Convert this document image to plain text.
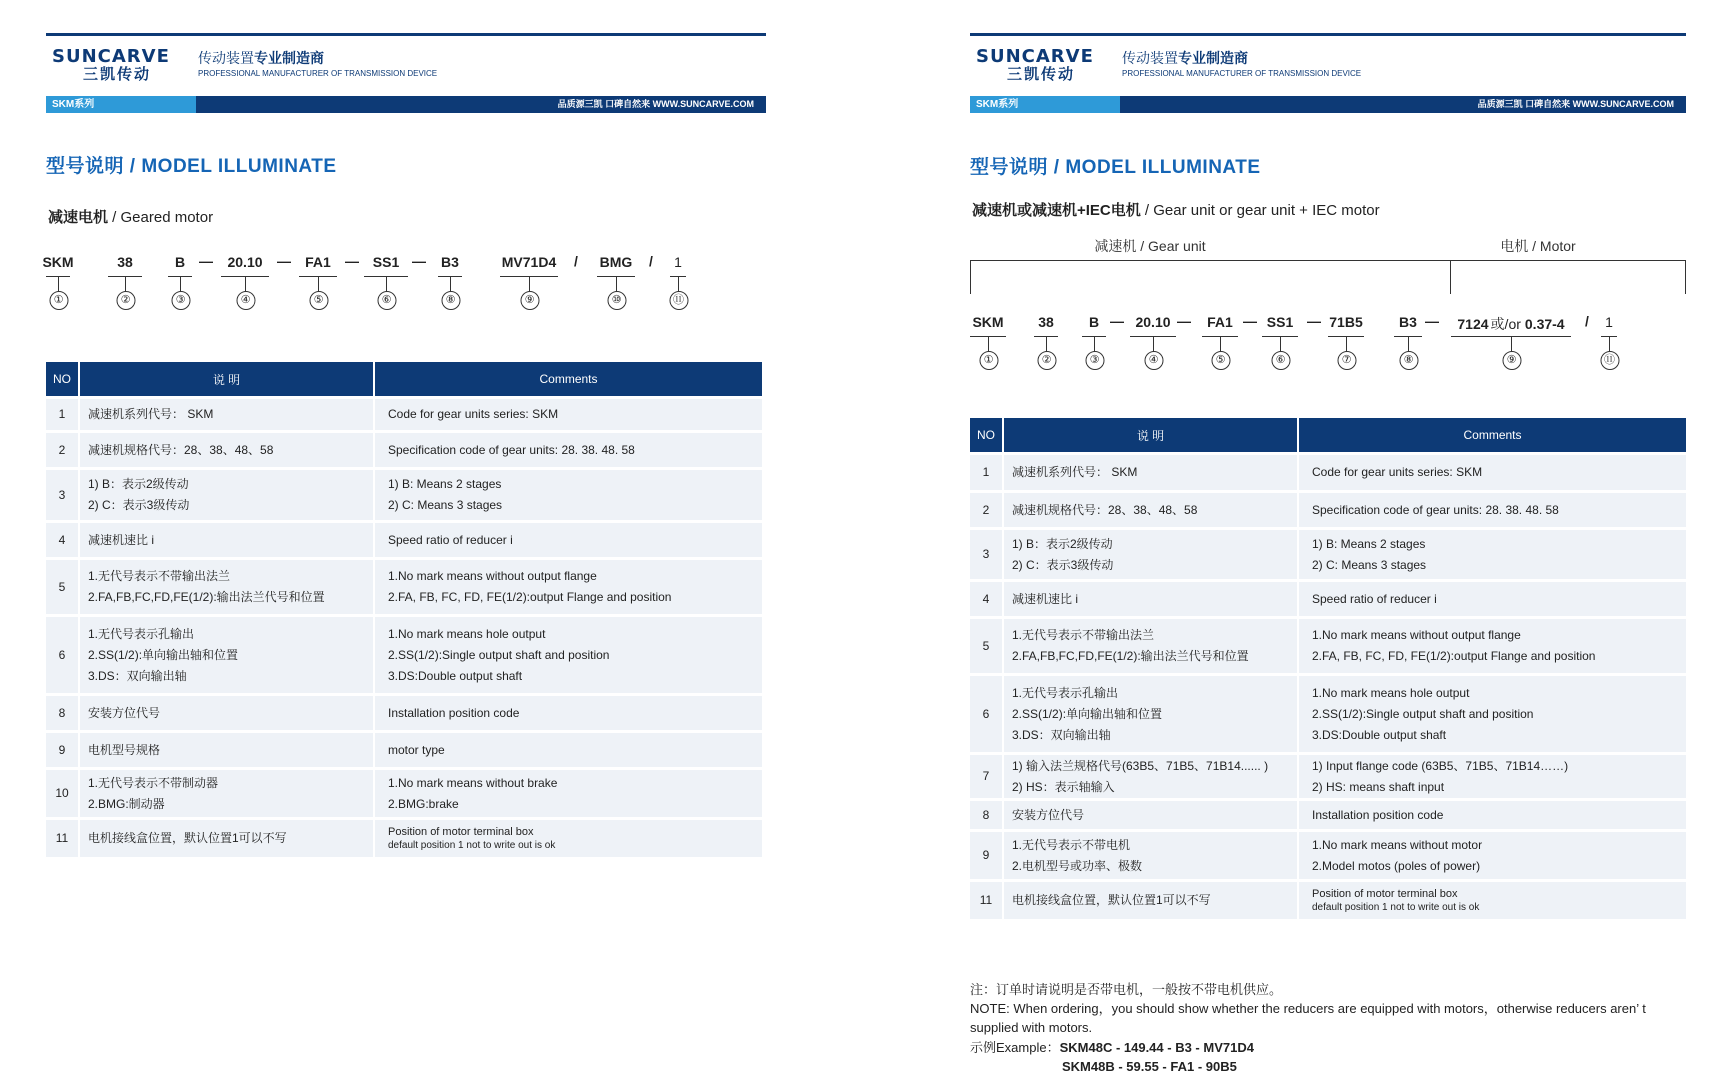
SUNCARVE
三凯传动
传动装置专业制造商
PROFESSIONAL MANUFACTURER OF TRANSMISSION DEVICE
SKM系列	品质源三凯 口碑自然来 WWW.SUNCARVE.COM
型号说明 / MODEL ILLUMINATE
减速电机 / Geared motor
SKM
①
38
②
B
③
20.10
④
FA1
⑤
SS1
⑥
B3
⑧
MV71D4
⑨
BMG
⑩
1
⑪
—	—	—	—	/	/
NO	说 明	Comments
1	减速机系列代号： SKM	Code for gear units series: SKM

2	减速机规格代号：28、38、48、58	Specification code of gear units: 28. 38. 48. 58

3	1) B：表示2级传动
2) C：表示3级传动	1) B: Means 2 stages
2) C: Means 3 stages

4	减速机速比 i	Speed ratio of reducer i

5	1.无代号表示不带输出法兰
2.FA,FB,FC,FD,FE(1/2):输出法兰代号和位置	1.No mark means without output flange
2.FA, FB, FC, FD, FE(1/2):output Flange and position

6	1.无代号表示孔输出
2.SS(1/2):单向输出轴和位置
3.DS：双向输出轴	1.No mark means hole output
2.SS(1/2):Single output shaft and position
3.DS:Double output shaft

8	安装方位代号	Installation position code

9	电机型号规格	motor type

10	1.无代号表示不带制动器
2.BMG:制动器	1.No mark means without brake
2.BMG:brake

11	电机接线盒位置，默认位置1可以不写	Position of motor terminal box
default position 1 not to write out is ok
SUNCARVE
三凯传动
传动装置专业制造商
PROFESSIONAL MANUFACTURER OF TRANSMISSION DEVICE
SKM系列	品质源三凯 口碑自然来 WWW.SUNCARVE.COM
型号说明 / MODEL ILLUMINATE
减速机或减速机+IEC电机 / Gear unit or gear unit + IEC motor
减速机 / Gear unit	电机 / Motor
SKM
①
38
②
B
③
20.10
④
FA1
⑤
SS1
⑥
71B5
⑦
B3
⑧
7124 或/or 0.37-4
⑨
1
⑪
—	—	—	—	—	/
NO	说 明	Comments
1	减速机系列代号： SKM	Code for gear units series: SKM

2	减速机规格代号：28、38、48、58	Specification code of gear units: 28. 38. 48. 58

3	1) B：表示2级传动
2) C：表示3级传动	1) B: Means 2 stages
2) C: Means 3 stages

4	减速机速比 i	Speed ratio of reducer i

5	1.无代号表示不带输出法兰
2.FA,FB,FC,FD,FE(1/2):输出法兰代号和位置	1.No mark means without output flange
2.FA, FB, FC, FD, FE(1/2):output Flange and position

6	1.无代号表示孔输出
2.SS(1/2):单向输出轴和位置
3.DS：双向输出轴	1.No mark means hole output
2.SS(1/2):Single output shaft and position
3.DS:Double output shaft

7	1) 输入法兰规格代号(63B5、71B5、71B14...... )
2) HS：表示轴输入	1) Input flange code (63B5、71B5、71B14……)
2) HS: means shaft input

8	安装方位代号	Installation position code

9	1.无代号表示不带电机
2.电机型号或功率、极数	1.No mark means without motor
2.Model motos (poles of power)

11	电机接线盒位置，默认位置1可以不写	Position of motor terminal box
default position 1 not to write out is ok
注：订单时请说明是否带电机，一般按不带电机供应。
NOTE: When ordering，you should show whether the reducers are equipped with motors，otherwise reducers aren’ t supplied with motors.
示例Example：SKM48C - 149.44 - B3 - MV71D4
SKM48B - 59.55 - FA1 - 90B5
